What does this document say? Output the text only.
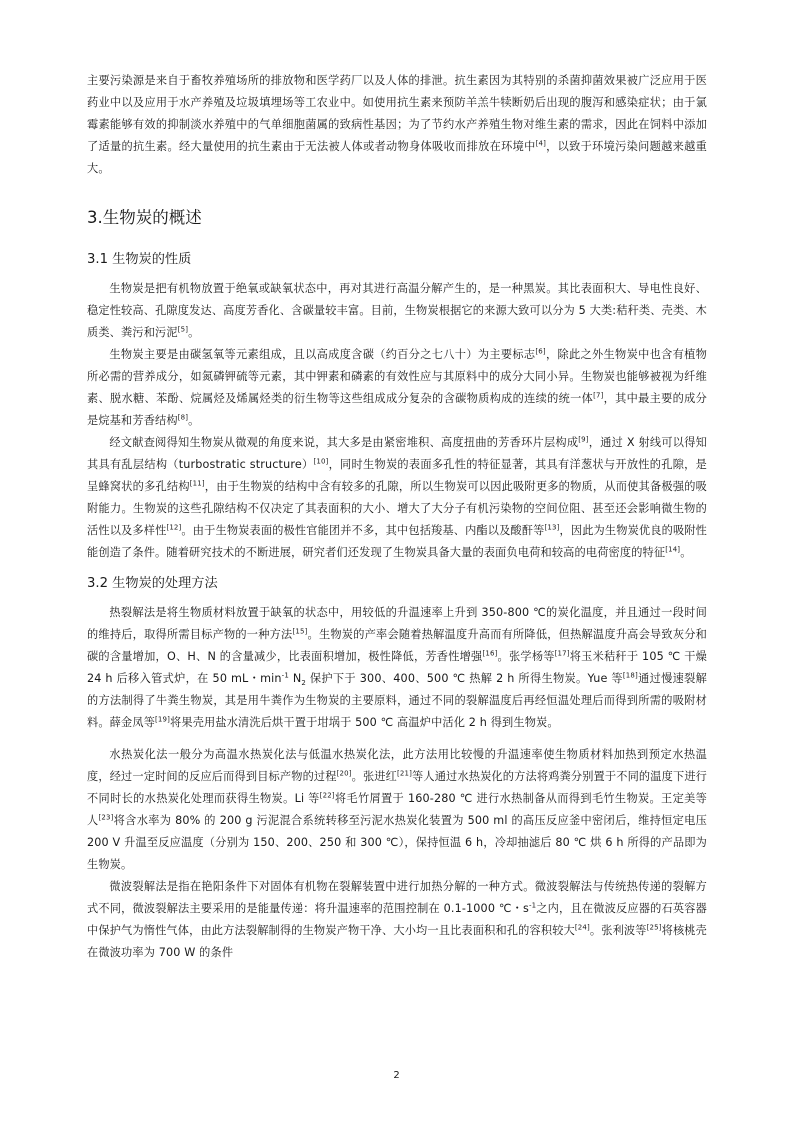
主要污染源是来自于畜牧养殖场所的排放物和医学药厂以及人体的排泄。抗生素因为其特别的杀菌抑菌效果被广泛应用于医药业中以及应用于水产养殖及垃圾填埋场等工农业中。如使用抗生素来预防羊羔牛犊断奶后出现的腹泻和感染症状；由于氯霉素能够有效的抑制淡水养殖中的气单细胞菌属的致病性基因；为了节约水产养殖生物对维生素的需求，因此在饲料中添加了适量的抗生素。经大量使用的抗生素由于无法被人体或者动物身体吸收而排放在环境中[4]，以致于环境污染问题越来越重大。

3.生物炭的概述
3.1 生物炭的性质

生物炭是把有机物放置于绝氧或缺氧状态中，再对其进行高温分解产生的，是一种黑炭。其比表面积大、导电性良好、稳定性较高、孔隙度发达、高度芳香化、含碳量较丰富。目前，生物炭根据它的来源大致可以分为 5 大类:秸秆类、壳类、木质类、粪污和污泥[5]。

生物炭主要是由碳氢氧等元素组成，且以高成度含碳（约百分之七八十）为主要标志[6]，除此之外生物炭中也含有植物所必需的营养成分，如氮磷钾硫等元素，其中钾素和磷素的有效性应与其原料中的成分大同小异。生物炭也能够被视为纤维素、脱水糖、苯酚、烷属烃及烯属烃类的衍生物等这些组成成分复杂的含碳物质构成的连续的统一体[7]，其中最主要的成分是烷基和芳香结构[8]。

经文献查阅得知生物炭从微观的角度来说，其大多是由紧密堆积、高度扭曲的芳香环片层构成[9]，通过 X 射线可以得知其具有乱层结构（turbostratic structure）[10]，同时生物炭的表面多孔性的特征显著，其具有洋葱状与开放性的孔隙，是呈蜂窝状的多孔结构[11]，由于生物炭的结构中含有较多的孔隙，所以生物炭可以因此吸附更多的物质，从而使其备极强的吸附能力。生物炭的这些孔隙结构不仅决定了其表面积的大小、增大了大分子有机污染物的空间位阻、甚至还会影响微生物的活性以及多样性[12]。由于生物炭表面的极性官能团并不多，其中包括羧基、内酯以及酸酐等[13]，因此为生物炭优良的吸附性能创造了条件。随着研究技术的不断进展，研究者们还发现了生物炭具备大量的表面负电荷和较高的电荷密度的特征[14]。

3.2 生物炭的处理方法

热裂解法是将生物质材料放置于缺氧的状态中，用较低的升温速率上升到 350-800 ℃的炭化温度，并且通过一段时间的维持后，取得所需目标产物的一种方法[15]。生物炭的产率会随着热解温度升高而有所降低，但热解温度升高会导致灰分和碳的含量增加，O、H、N 的含量减少，比表面积增加，极性降低，芳香性增强[16]。张学杨等[17]将玉米秸秆于 105 ℃ 干燥 24 h 后移入管式炉，在 50 mL・$\min^{-1} N_2$ 保护下于 300、400、500 ℃ 热解 2 h 所得生物炭。Yue 等[18]通过慢速裂解的方法制得了牛粪生物炭，其是用牛粪作为生物炭的主要原料，通过不同的裂解温度后再经恒温处理后而得到所需的吸附材料。薛金凤等[19]将果壳用盐水清洗后烘干置于坩埚于 500 ℃ 高温炉中活化 2 h 得到生物炭。

水热炭化法一般分为高温水热炭化法与低温水热炭化法，此方法用比较慢的升温速率使生物质材料加热到预定水热温度，经过一定时间的反应后而得到目标产物的过程[20]。张进红[21]等人通过水热炭化的方法将鸡粪分别置于不同的温度下进行不同时长的水热炭化处理而获得生物炭。Li 等[22]将毛竹屑置于 160-280 ℃ 进行水热制备从而得到毛竹生物炭。王定美等人[23]将含水率为 80% 的 200 g 污泥混合系统转移至污泥水热炭化装置为 500 ml 的高压反应釜中密闭后，维持恒定电压 200 V 升温至反应温度（分别为 150、200、250 和 300 ℃），保持恒温 6 h，冷却抽滤后 80 ℃ 烘 6 h 所得的产品即为生物炭。

微波裂解法是指在艳阳条件下对固体有机物在裂解装置中进行加热分解的一种方式。微波裂解法与传统热传递的裂解方式不同，微波裂解法主要采用的是能量传递：将升温速率的范围控制在 0.1-1000 ℃・$s^{-1}$之内，且在微波反应器的石英容器中保护气为惰性气体，由此方法裂解制得的生物炭产物干净、大小均一且比表面积和孔的容积较大[24]。张利波等[25]将核桃壳在微波功率为 700 W 的条件

2
